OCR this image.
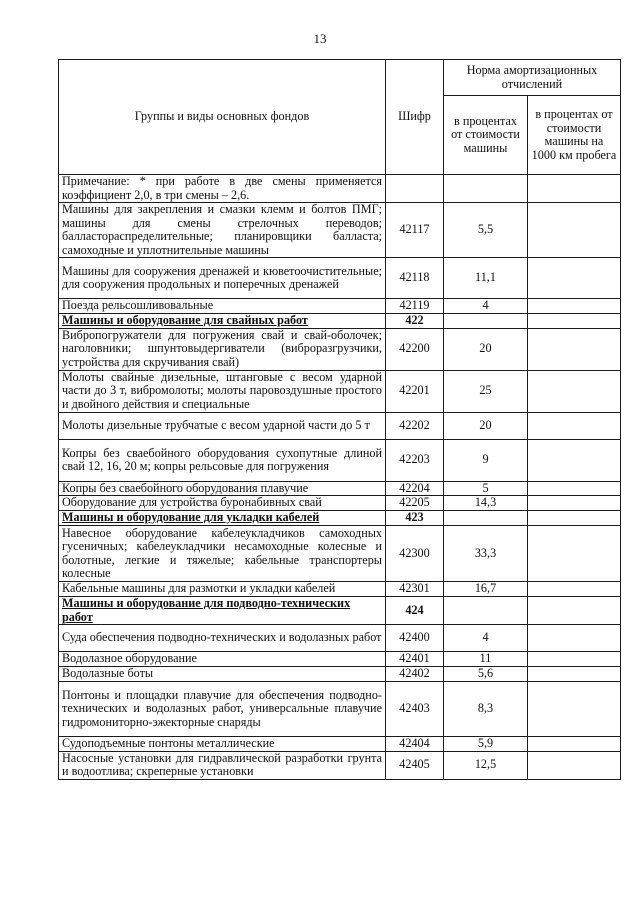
13
Группы и виды основных фондов	Шифр	Норма амортизационных отчислений	
		в процентах от стоимости машины	в процентах от стоимости машины на 1000 км пробега
Примечание: * при работе в две смены применяется коэффициент 2,0, в три смены – 2,6.			
Машины для закрепления и смазки клемм и болтов ПМГ; машины для смены стрелочных переводов; балластораспределительные; планировщики балласта; самоходные и уплотнительные машины	42117	5,5	
Машины для сооружения дренажей и кюветоочистительные; для сооружения продольных и поперечных дренажей	42118	11,1	
Поезда рельсошливовальные	42119	4	
Машины и оборудование для свайных работ	422		
Вибропогружатели для погружения свай и свай-оболочек; наголовники; шпунтовыдергиватели (виброразгрузчики, устройства для скручивания свай)	42200	20	
Молоты свайные дизельные, штанговые с весом ударной части до 3 т, вибромолоты; молоты паровоздушные простого и двойного действия и специальные	42201	25	
Молоты дизельные трубчатые с весом ударной части до 5 т	42202	20	
Копры без сваебойного оборудования сухопутные длиной свай 12, 16, 20 м; копры рельсовые для погружения	42203	9	
Копры без сваебойного оборудования плавучие	42204	5	
Оборудование для устройства буронабивных свай	42205	14,3	
Машины и оборудование для укладки кабелей	423		
Навесное оборудование кабелеукладчиков самоходных гусеничных; кабелеукладчики несамоходные колесные и болотные, легкие и тяжелые; кабельные транспортеры колесные	42300	33,3	
Кабельные машины для размотки и укладки кабелей	42301	16,7	
Машины и оборудование для подводно-технических работ	424		
Суда обеспечения подводно-технических и водолазных работ	42400	4	
Водолазное оборудование	42401	11	
Водолазные боты	42402	5,6	
Понтоны и площадки плавучие для обеспечения подводно-технических и водолазных работ, универсальные плавучие гидромониторно-эжекторные снаряды	42403	8,3	
Судоподъемные понтоны металлические	42404	5,9	
Насосные установки для гидравлической разработки грунта и водоотлива; скреперные установки	42405	12,5	
